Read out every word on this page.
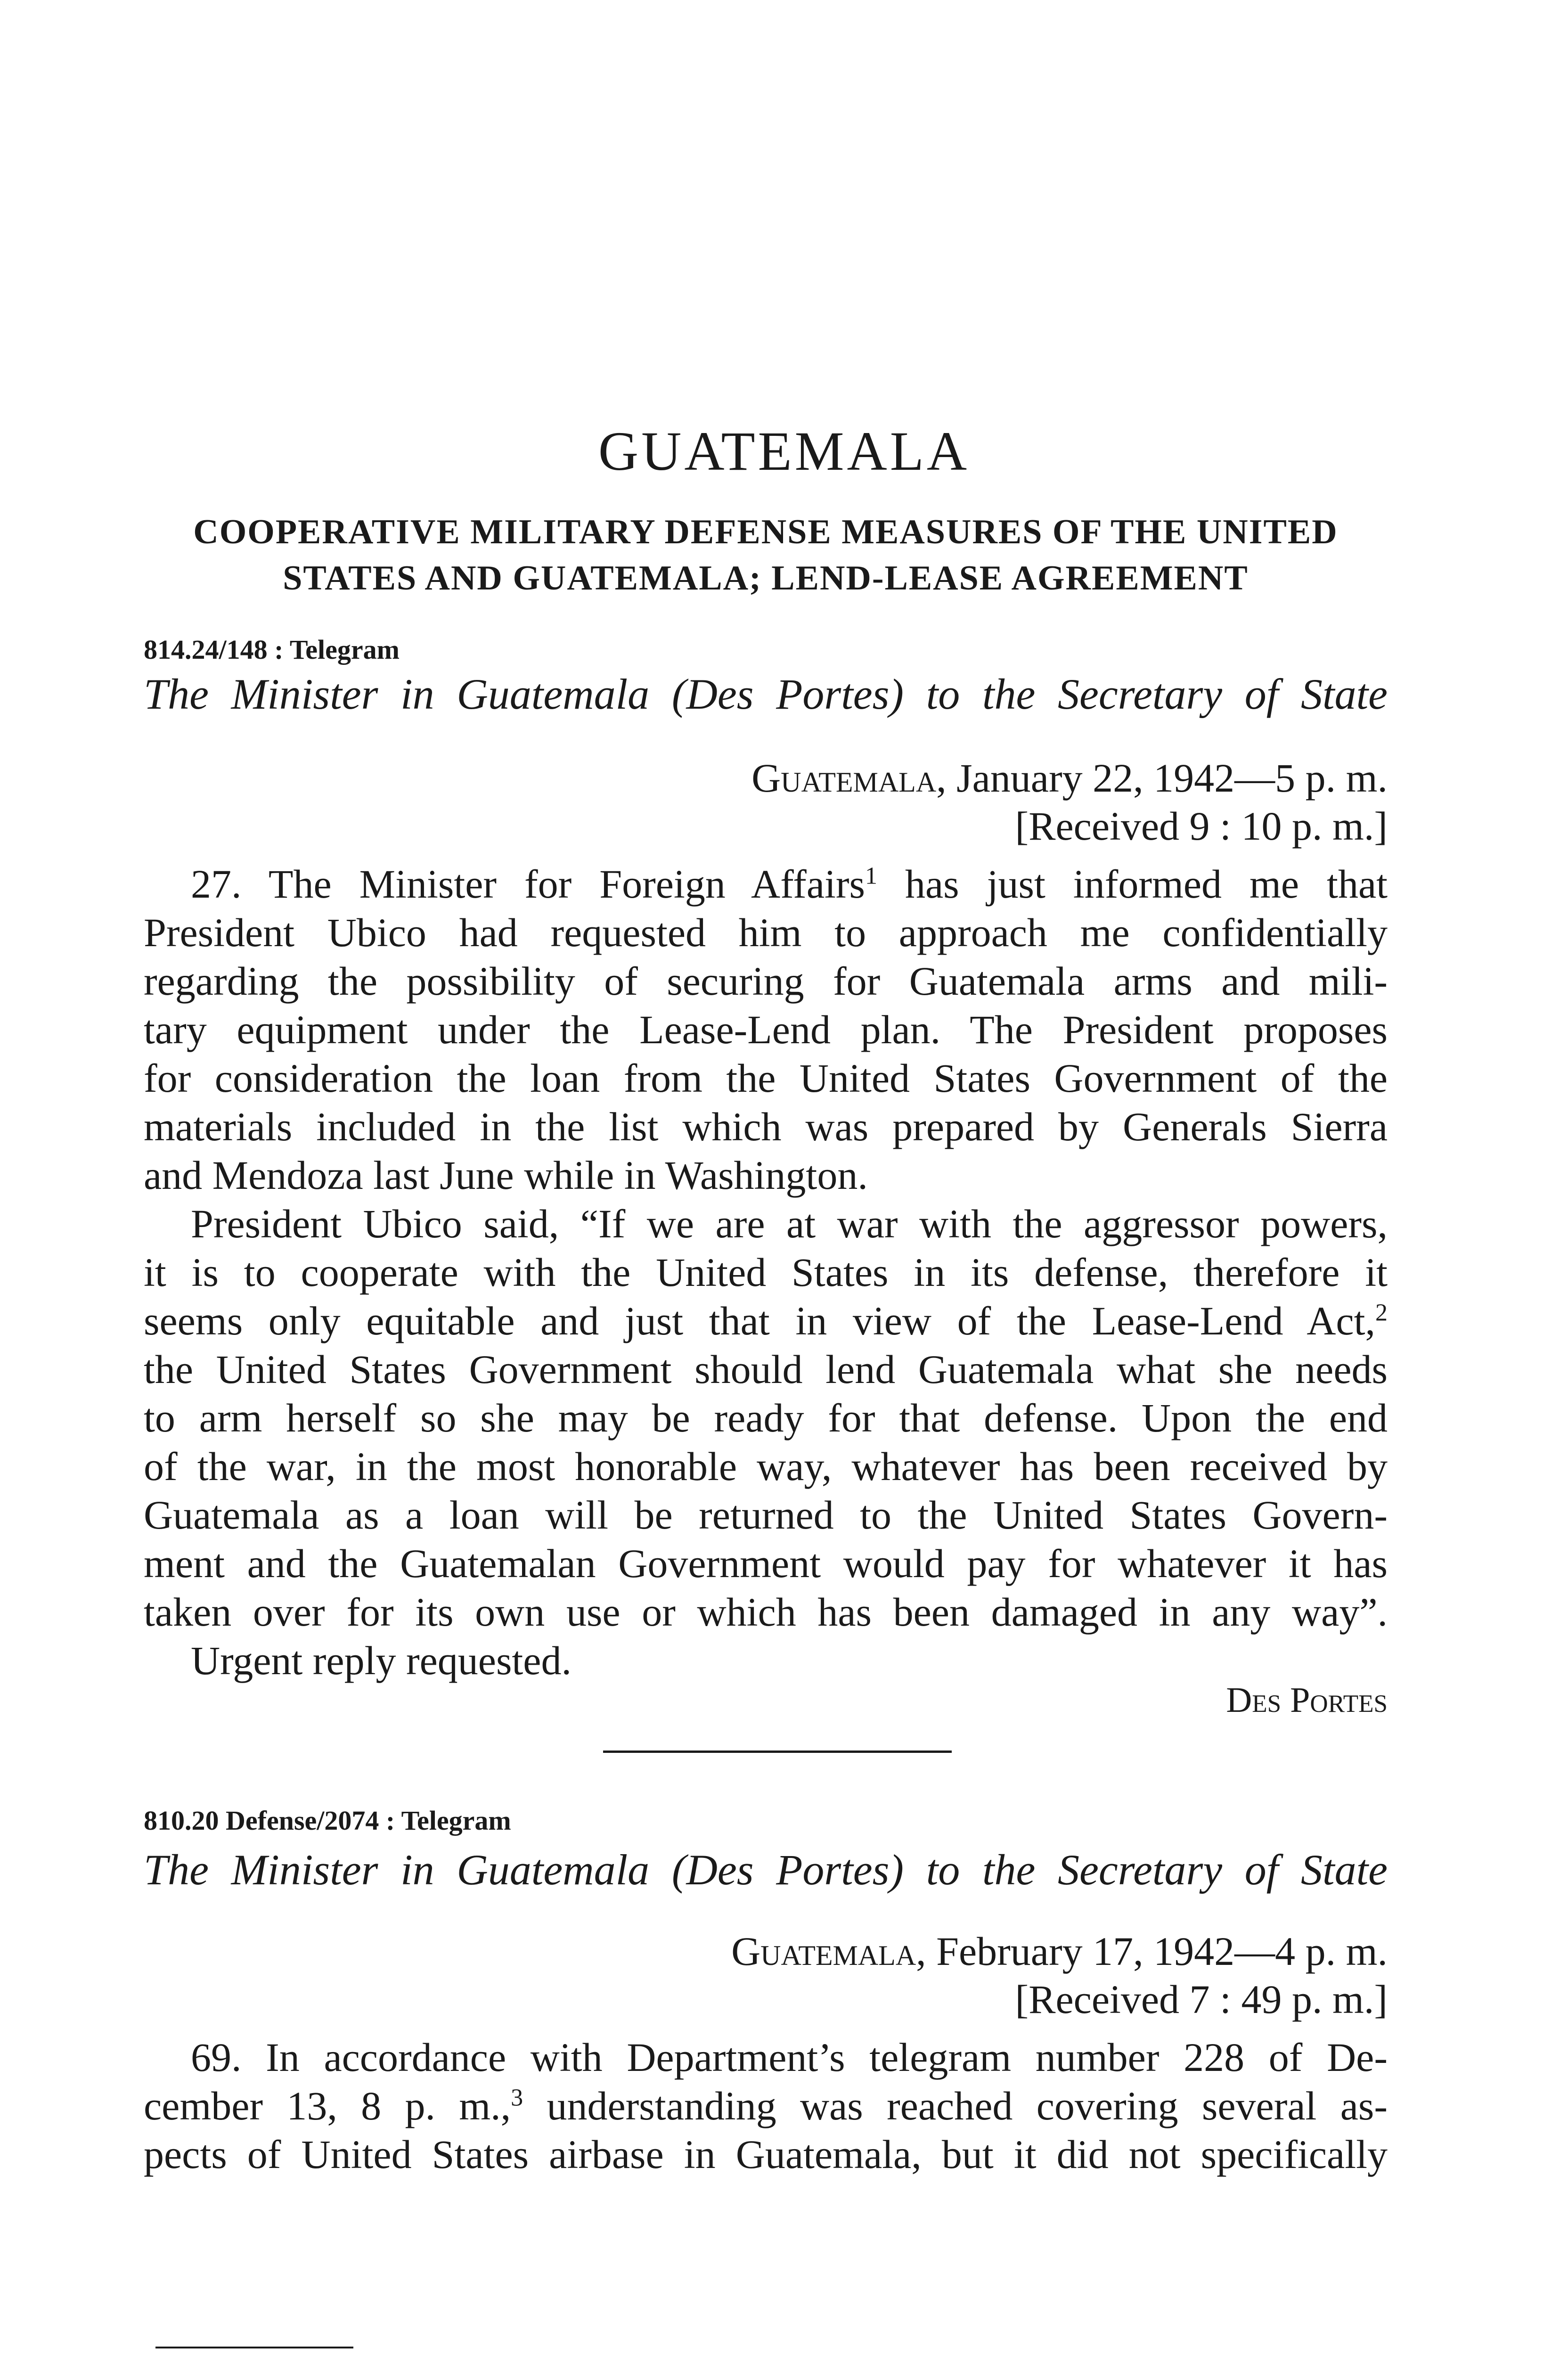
GUATEMALA
COOPERATIVE MILITARY DEFENSE MEASURES OF THE UNITED
STATES AND GUATEMALA; LEND-LEASE AGREEMENT
814.24/148 : Telegram
The Minister in Guatemala (Des Portes) to the Secretary of State
Guatemala, January 22, 1942—5 p. m.
[Received 9 : 10 p. m.]
27. The Minister for Foreign Affairs$^1$ has just informed me that
President Ubico had requested him to approach me confidentially
regarding the possibility of securing for Guatemala arms and mili-
tary equipment under the Lease-Lend plan. The President proposes
for consideration the loan from the United States Government of the
materials included in the list which was prepared by Generals Sierra
and Mendoza last June while in Washington.
President Ubico said, “If we are at war with the aggressor powers,
it is to cooperate with the United States in its defense, therefore it
seems only equitable and just that in view of the Lease-Lend Act,$^2$
the United States Government should lend Guatemala what she needs
to arm herself so she may be ready for that defense. Upon the end
of the war, in the most honorable way, whatever has been received by
Guatemala as a loan will be returned to the United States Govern-
ment and the Guatemalan Government would pay for whatever it has
taken over for its own use or which has been damaged in any way”.
Urgent reply requested.
Des Portes
810.20 Defense/2074 : Telegram
The Minister in Guatemala (Des Portes) to the Secretary of State
Guatemala, February 17, 1942—4 p. m.
[Received 7 : 49 p. m.]
69. In accordance with Department’s telegram number 228 of De-
cember 13, 8 p. m.,$^3$ understanding was reached covering several as-
pects of United States airbase in Guatemala, but it did not specifically
